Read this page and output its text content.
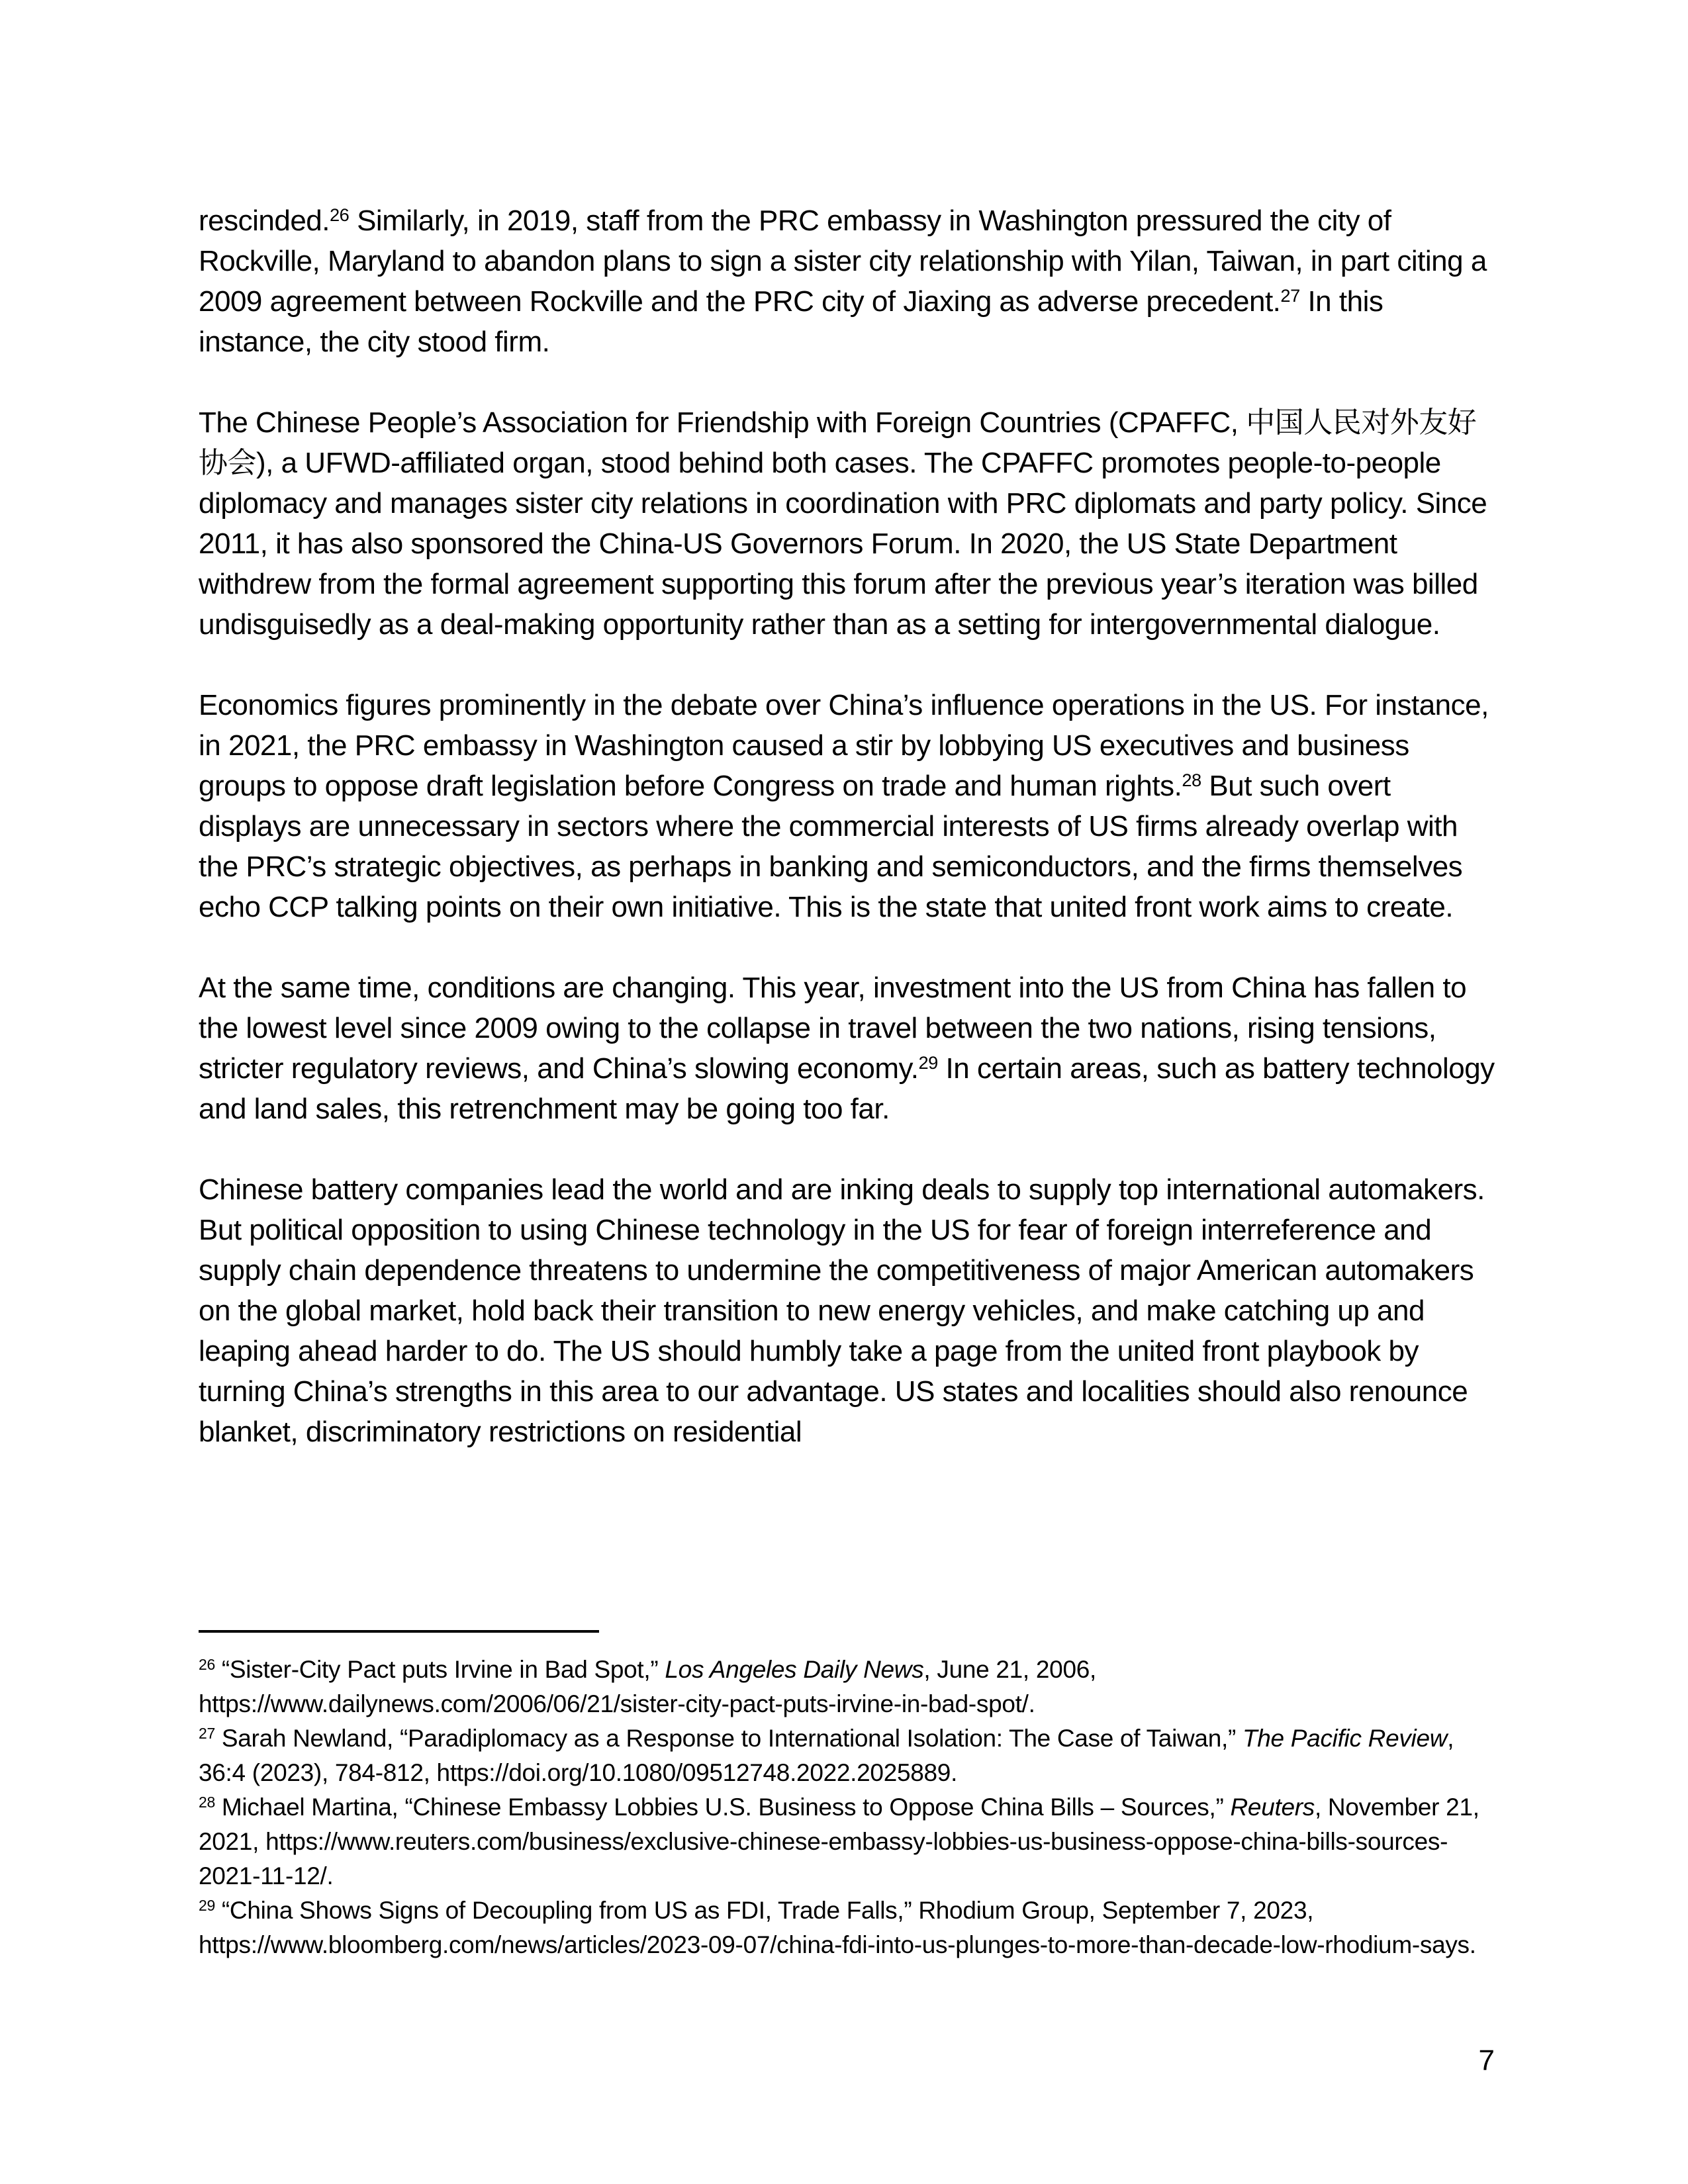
rescinded.$^{26}$ Similarly, in 2019, staff from the PRC embassy in Washington pressured the city of Rockville, Maryland to abandon plans to sign a sister city relationship with Yilan, Taiwan, in part citing a 2009 agreement between Rockville and the PRC city of Jiaxing as adverse precedent.$^{27}$ In this instance, the city stood firm.

The Chinese People’s Association for Friendship with Foreign Countries (CPAFFC, 中国人民对外友好协会), a UFWD-affiliated organ, stood behind both cases. The CPAFFC promotes people-to-people diplomacy and manages sister city relations in coordination with PRC diplomats and party policy. Since 2011, it has also sponsored the China-US Governors Forum. In 2020, the US State Department withdrew from the formal agreement supporting this forum after the previous year’s iteration was billed undisguisedly as a deal-making opportunity rather than as a setting for intergovernmental dialogue.

Economics figures prominently in the debate over China’s influence operations in the US. For instance, in 2021, the PRC embassy in Washington caused a stir by lobbying US executives and business groups to oppose draft legislation before Congress on trade and human rights.$^{28}$ But such overt displays are unnecessary in sectors where the commercial interests of US firms already overlap with the PRC’s strategic objectives, as perhaps in banking and semiconductors, and the firms themselves echo CCP talking points on their own initiative. This is the state that united front work aims to create.

At the same time, conditions are changing. This year, investment into the US from China has fallen to the lowest level since 2009 owing to the collapse in travel between the two nations, rising tensions, stricter regulatory reviews, and China’s slowing economy.$^{29}$ In certain areas, such as battery technology and land sales, this retrenchment may be going too far.

Chinese battery companies lead the world and are inking deals to supply top international automakers. But political opposition to using Chinese technology in the US for fear of foreign interreference and supply chain dependence threatens to undermine the competitiveness of major American automakers on the global market, hold back their transition to new energy vehicles, and make catching up and leaping ahead harder to do. The US should humbly take a page from the united front playbook by turning China’s strengths in this area to our advantage. US states and localities should also renounce blanket, discriminatory restrictions on residential

$^{26}$ “Sister-City Pact puts Irvine in Bad Spot,” Los Angeles Daily News, June 21, 2006, https://www.dailynews.com/2006/06/21/sister-city-pact-puts-irvine-in-bad-spot/.

$^{27}$ Sarah Newland, “Paradiplomacy as a Response to International Isolation: The Case of Taiwan,” The Pacific Review, 36:4 (2023), 784-812, https://doi.org/10.1080/09512748.2022.2025889.

$^{28}$ Michael Martina, “Chinese Embassy Lobbies U.S. Business to Oppose China Bills – Sources,” Reuters, November 21, 2021, https://www.reuters.com/business/exclusive-chinese-embassy-lobbies-us-business-oppose-china-bills-sources-2021-11-12/.

$^{29}$ “China Shows Signs of Decoupling from US as FDI, Trade Falls,” Rhodium Group, September 7, 2023, https://www.bloomberg.com/news/articles/2023-09-07/china-fdi-into-us-plunges-to-more-than-decade-low-rhodium-says.

7
